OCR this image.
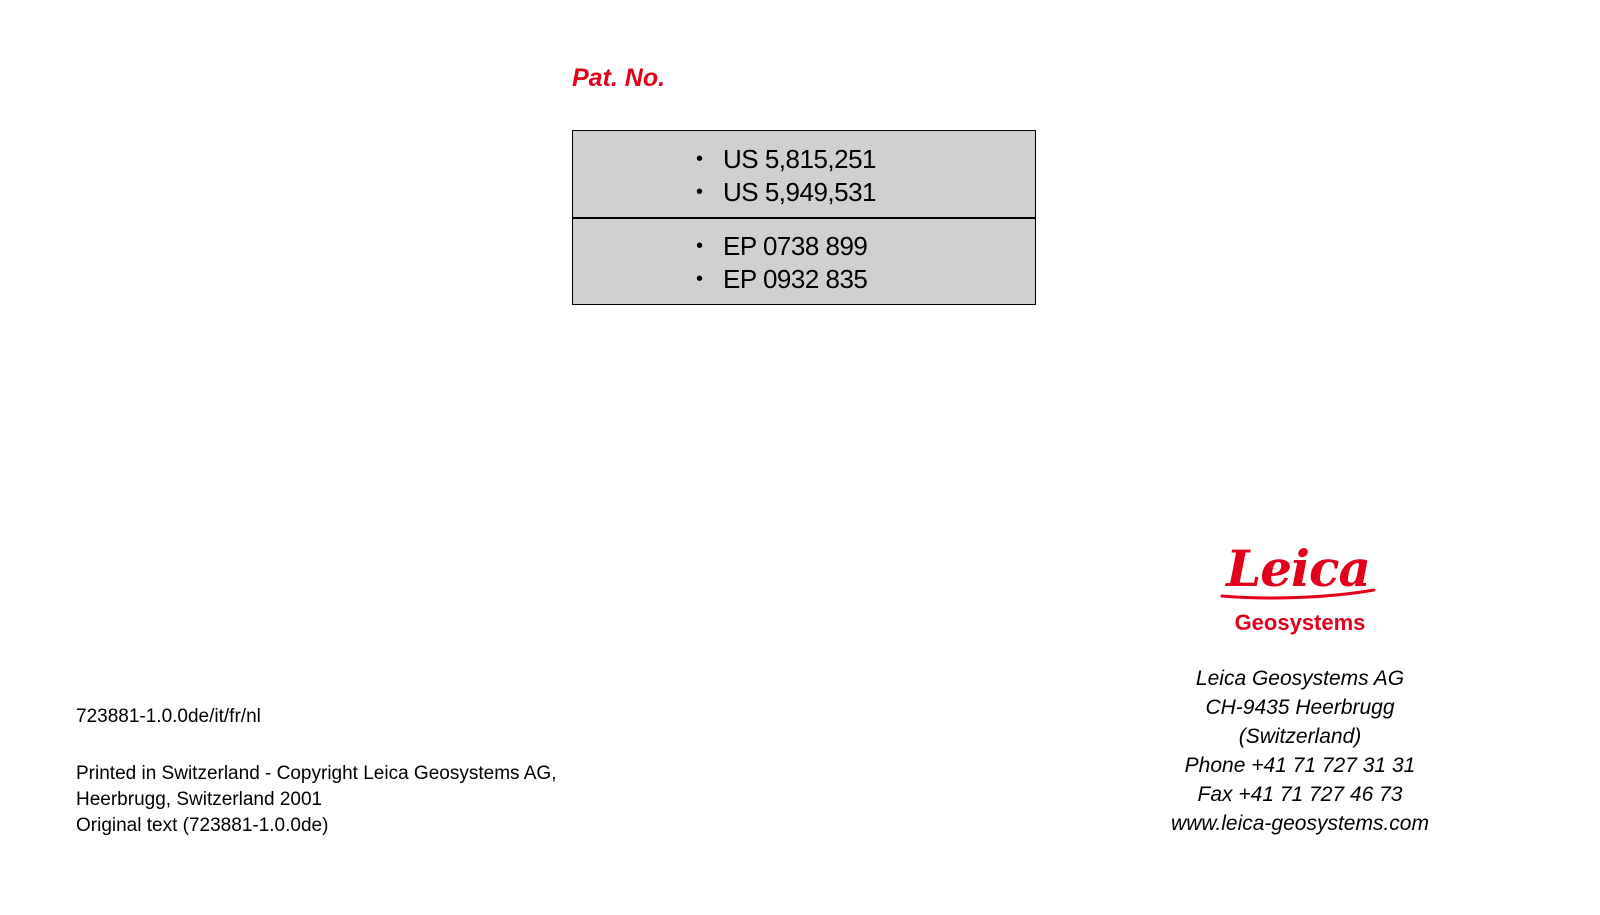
Pat. No.
• US 5,815,251
• US 5,949,531
• EP 0738 899
• EP 0932 835
723881-1.0.0de/it/fr/nl
Printed in Switzerland - Copyright Leica Geosystems AG,
Heerbrugg, Switzerland 2001
Original text (723881-1.0.0de)
Leica
Geosystems
Leica Geosystems AG
CH-9435 Heerbrugg
(Switzerland)
Phone +41 71 727 31 31
Fax +41 71 727 46 73
www.leica-geosystems.com
